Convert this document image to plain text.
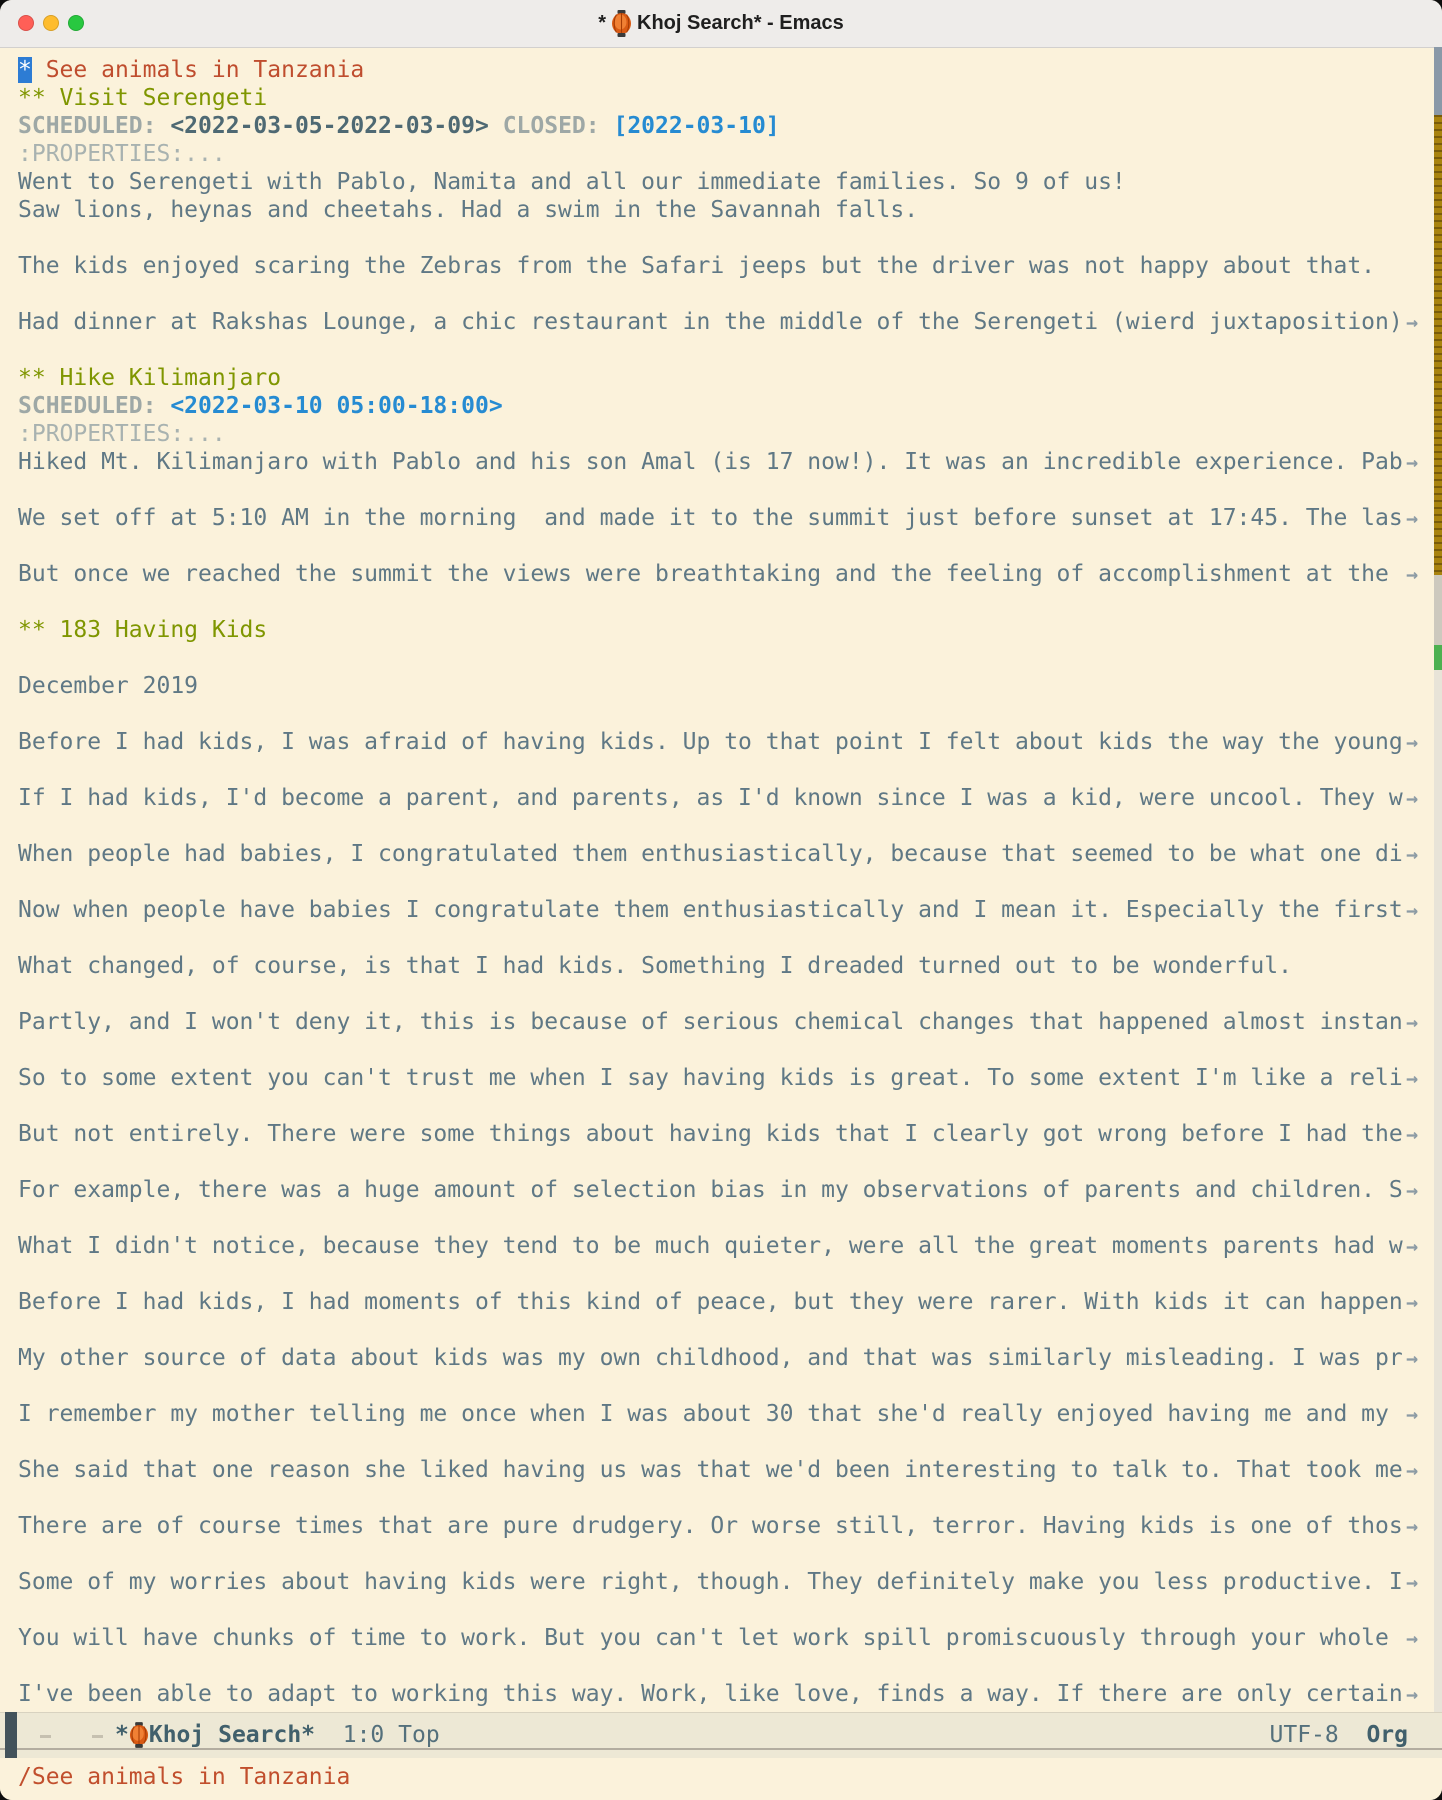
* Khoj Search* - Emacs
* See animals in Tanzania
** Visit Serengeti
SCHEDULED: <2022-03-05-2022-03-09> CLOSED: [2022-03-10]
:PROPERTIES:...
Went to Serengeti with Pablo, Namita and all our immediate families. So 9 of us!
Saw lions, heynas and cheetahs. Had a swim in the Savannah falls.
The kids enjoyed scaring the Zebras from the Safari jeeps but the driver was not happy about that.
Had dinner at Rakshas Lounge, a chic restaurant in the middle of the Serengeti (wierd juxtaposition) →
** Hike Kilimanjaro
SCHEDULED: <2022-03-10 05:00-18:00>
:PROPERTIES:...
Hiked Mt. Kilimanjaro with Pablo and his son Amal (is 17 now!). It was an incredible experience. Pab →
We set off at 5:10 AM in the morning  and made it to the summit just before sunset at 17:45. The las →
But once we reached the summit the views were breathtaking and the feeling of accomplishment at the →
** 183 Having Kids
December 2019
Before I had kids, I was afraid of having kids. Up to that point I felt about kids the way the young →
If I had kids, I'd become a parent, and parents, as I'd known since I was a kid, were uncool. They w →
When people had babies, I congratulated them enthusiastically, because that seemed to be what one di →
Now when people have babies I congratulate them enthusiastically and I mean it. Especially the first →
What changed, of course, is that I had kids. Something I dreaded turned out to be wonderful.
Partly, and I won't deny it, this is because of serious chemical changes that happened almost instan →
So to some extent you can't trust me when I say having kids is great. To some extent I'm like a reli →
But not entirely. There were some things about having kids that I clearly got wrong before I had the →
For example, there was a huge amount of selection bias in my observations of parents and children. S →
What I didn't notice, because they tend to be much quieter, were all the great moments parents had w →
Before I had kids, I had moments of this kind of peace, but they were rarer. With kids it can happen →
My other source of data about kids was my own childhood, and that was similarly misleading. I was pr →
I remember my mother telling me once when I was about 30 that she'd really enjoyed having me and my →
She said that one reason she liked having us was that we'd been interesting to talk to. That took me →
There are of course times that are pure drudgery. Or worse still, terror. Having kids is one of thos →
Some of my worries about having kids were right, though. They definitely make you less productive. I →
You will have chunks of time to work. But you can't let work spill promiscuously through your whole →
I've been able to adapt to working this way. Work, like love, finds a way. If there are only certain →
* Khoj Search*
1:0
Top	UTF-8
Org
/See animals in Tanzania
